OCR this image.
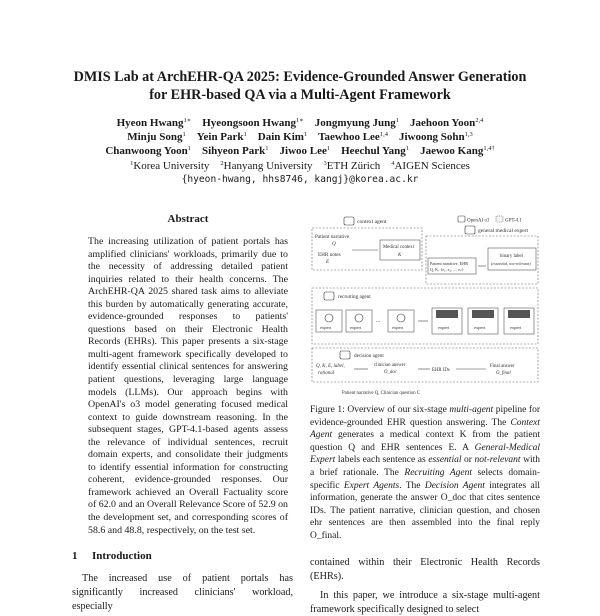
DMIS Lab at ArchEHR-QA 2025: Evidence-Grounded Answer Generation
for EHR-based QA via a Multi-Agent Framework
Hyeon Hwang$^{1∗}$  Hyeongsoon Hwang$^{1∗}$  Jongmyung Jung$^1$  Jaehoon Yoon$^{2,4}$
Minju Song$^1$  Yein Park$^1$  Dain Kim$^1$  Taewhoo Lee$^{1,4}$  Jiwoong Sohn$^{1,3}$
Chanwoong Yoon$^1$  Sihyeon Park$^1$  Jiwoo Lee$^1$  Heechul Yang$^1$  Jaewoo Kang$^{1,4\dagger}$
$^1$Korea University  $^2$Hanyang University  $^3$ETH Zürich  $^4$AIGEN Sciences
{hyeon-hwang, hhs8746, kangj}@korea.ac.kr
Abstract
The increasing utilization of patient portals has amplified clinicians' workloads, primarily due to the necessity of addressing detailed patient inquiries related to their health concerns. The ArchEHR-QA 2025 shared task aims to alleviate this burden by automatically generating accurate, evidence-grounded responses to patients' questions based on their Electronic Health Records (EHRs). This paper presents a six-stage multi-agent framework specifically developed to identify essential clinical sentences for answering patient questions, leveraging large language models (LLMs). Our approach begins with OpenAI's o3 model generating focused medical context to guide downstream reasoning. In the subsequent stages, GPT-4.1-based agents assess the relevance of individual sentences, recruit domain experts, and consolidate their judgments to identify essential information for constructing coherent, evidence-grounded responses. Our framework achieved an Overall Factuality score of 62.0 and an Overall Relevance Score of 52.9 on the development set, and corresponding scores of 58.6 and 48.8, respectively, on the test set.
1 Introduction

The increased use of patient portals has significantly increased clinicians' workload, especially

OpenAI o3	GPT-4.1
context agent
general medical expert
Patient narrative
Q
EHR notes
E
Medical context
K
Patient narrative, EHR
Q, K, {e₁, e₂, ..., eₙ}
binary label
(essential, not-relevant)
recruiting agent
expert	expert
...
expert	expert	expert	expert
decision agent
Q, K, E, label,
rational
clinician answer
O_doc	EHR IDs
Final answer
O_final
Patient narrative Q, Clinician question C
Figure 1: Overview of our six-stage multi-agent pipeline for evidence-grounded EHR question answering. The Context Agent generates a medical context K from the patient question Q and EHR sentences E. A General-Medical Expert labels each sentence as essential or not-relevant with a brief rationale. The Recruiting Agent selects domain-specific Expert Agents. The Decision Agent integrates all information, generate the answer O_doc that cites sentence IDs. The patient narrative, clinician question, and chosen ehr sentences are then assembled into the final reply O_final.

contained within their Electronic Health Records (EHRs).

In this paper, we introduce a six-stage multi-agent framework specifically designed to select
